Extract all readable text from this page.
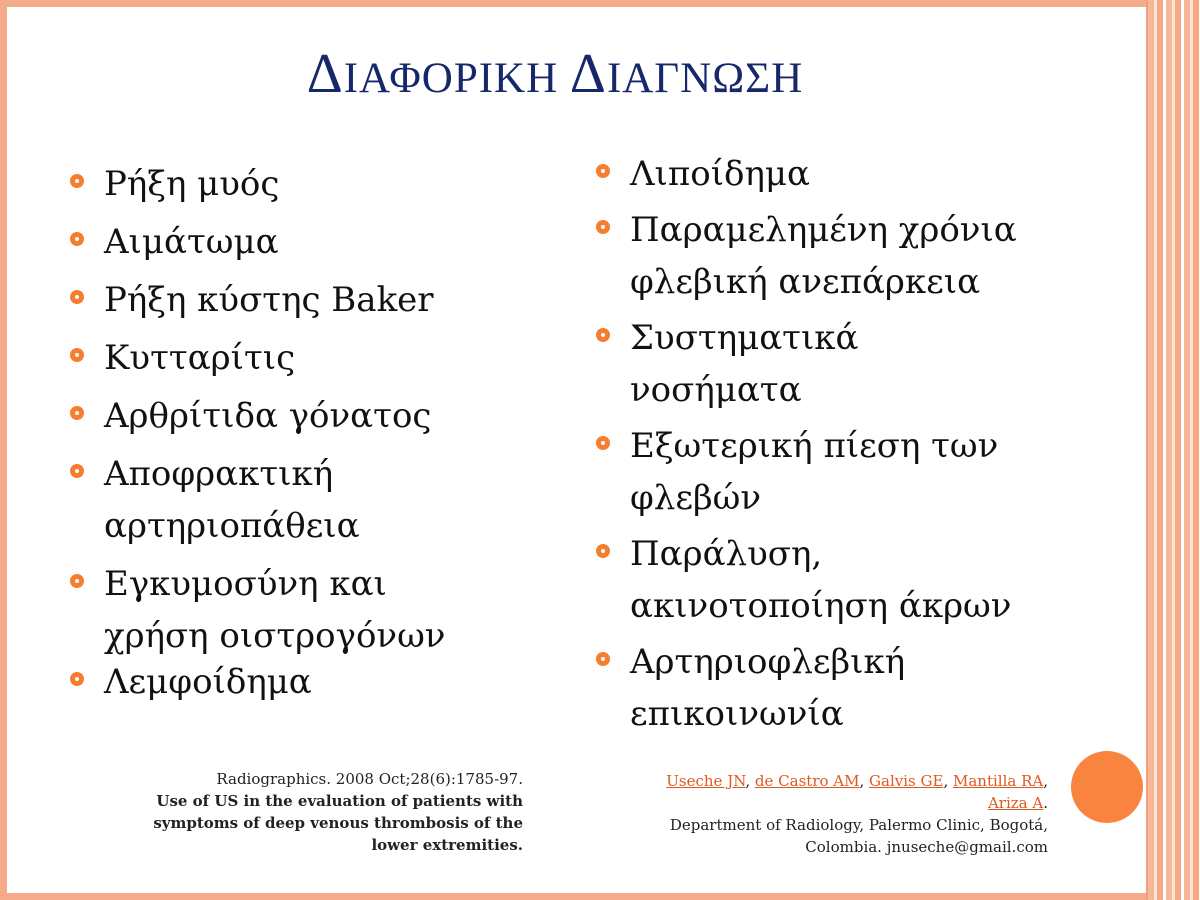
ΔΙΑΦΟΡΙΚΗ ΔΙΑΓΝΩΣΗ
Ρήξη μυός
Αιμάτωμα
Ρήξη κύστης Baker
Κυτταρίτις
Αρθρίτιδα γόνατος
Αποφρακτική
αρτηριοπάθεια
Εγκυμοσύνη και
χρήση οιστρογόνων
Λεμφοίδημα
Λιποίδημα
Παραμελημένη χρόνια
φλεβική ανεπάρκεια
Συστηματικά
νοσήματα
Εξωτερική πίεση των
φλεβών
Παράλυση,
ακινοτοποίηση άκρων
Αρτηριοφλεβική
επικοινωνία
Radiographics. 2008 Oct;28(6):1785-97.
Use of US in the evaluation of patients with
symptoms of deep venous thrombosis of the
lower extremities.
Useche JN, de Castro AM, Galvis GE, Mantilla RA,
Ariza A.
Department of Radiology, Palermo Clinic, Bogotá,
Colombia. jnuseche@gmail.com
